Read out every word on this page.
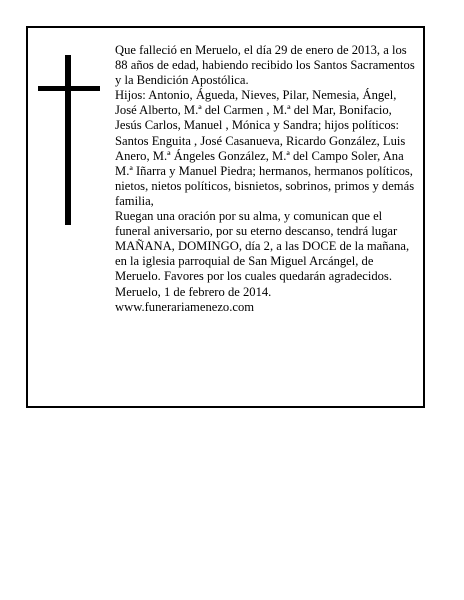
Que falleció en Meruelo, el día 29 de enero de 2013, a los 88 años de edad, habiendo recibido los Santos Sacramentos y la Bendición Apostólica.

Hijos: Antonio, Águeda, Nieves, Pilar, Nemesia, Ángel, José Alberto, M.ª del Carmen , M.ª del Mar, Bonifacio, Jesús Carlos, Manuel , Mónica y Sandra; hijos políticos: Santos Enguita , José Casanueva, Ricardo González, Luis Anero, M.ª Ángeles González, M.ª del Campo Soler, Ana M.ª Iñarra y Manuel Piedra; hermanos, hermanos políticos, nietos, nietos políticos, bisnietos, sobrinos, primos y demás familia,

Ruegan una oración por su alma, y comunican que el funeral aniversario, por su eterno descanso, tendrá lugar MAÑANA, DOMINGO, día 2, a las DOCE de la mañana, en la iglesia parroquial de San Miguel Arcángel, de Meruelo. Favores por los cuales quedarán agradecidos.

Meruelo, 1 de febrero de 2014.

www.funerariamenezo.com
